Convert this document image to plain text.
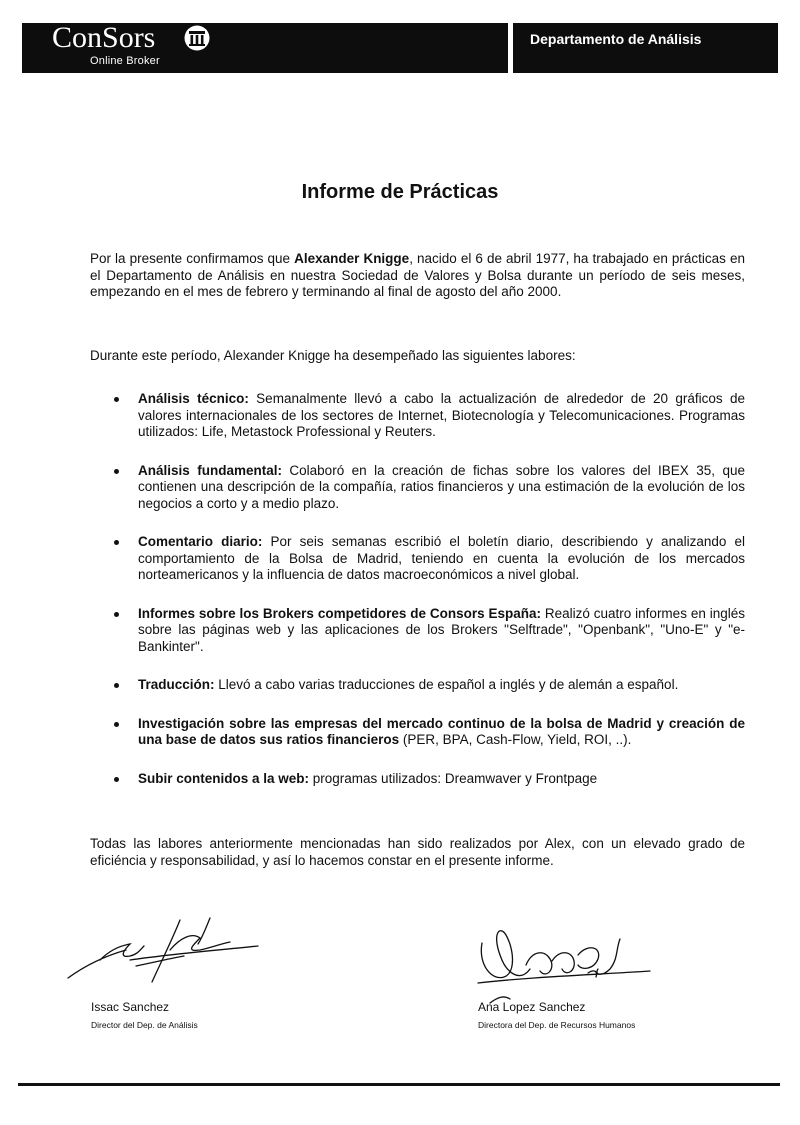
ConSors
Online Broker
Departamento de Análisis
Informe de Prácticas

Por la presente confirmamos que Alexander Knigge, nacido el 6 de abril 1977, ha trabajado en prácticas en el Departamento de Análisis en nuestra Sociedad de Valores y Bolsa durante un período de seis meses, empezando en el mes de febrero y terminando al final de agosto del año 2000.

Durante este período, Alexander Knigge ha desempeñado las siguientes labores:

Análisis técnico: Semanalmente llevó a cabo la actualización de alrededor de 20 gráficos de valores internacionales de los sectores de Internet, Biotecnología y Telecomunicaciones. Programas utilizados: Life, Metastock Professional y Reuters.
Análisis fundamental: Colaboró en la creación de fichas sobre los valores del IBEX 35, que contienen una descripción de la compañía, ratios financieros y una estimación de la evolución de los negocios a corto y a medio plazo.
Comentario diario: Por seis semanas escribió el boletín diario, describiendo y analizando el comportamiento de la Bolsa de Madrid, teniendo en cuenta la evolución de los mercados norteamericanos y la influencia de datos macroeconómicos a nivel global.
Informes sobre los Brokers competidores de Consors España: Realizó cuatro informes en inglés sobre las páginas web y las aplicaciones de los Brokers "Selftrade", "Openbank", "Uno-E" y "e-Bankinter".
Traducción: Llevó a cabo varias traducciones de español a inglés y de alemán a español.
Investigación sobre las empresas del mercado continuo de la bolsa de Madrid y creación de una base de datos sus ratios financieros (PER, BPA, Cash-Flow, Yield, ROI, ..).
Subir contenidos a la web: programas utilizados: Dreamwaver y Frontpage

Todas las labores anteriormente mencionadas han sido realizados por Alex, con un elevado grado de eficiéncia y responsabilidad, y así lo hacemos constar en el presente informe.

Issac Sanchez
Director del Dep. de Análisis
Ana Lopez Sanchez
Directora del Dep. de Recursos Humanos
